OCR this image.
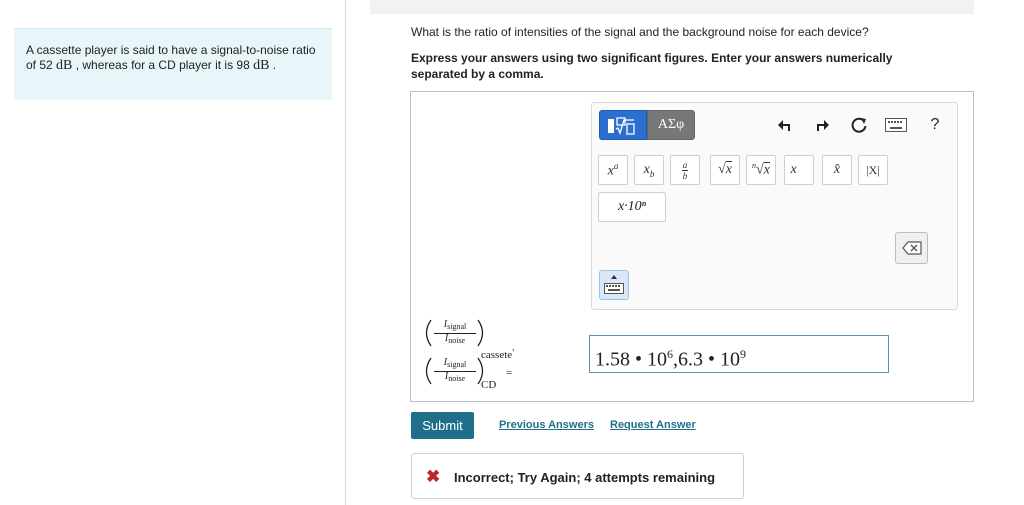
A cassette player is said to have a signal-to-noise ratio of 52 dB , whereas for a CD player it is 98 dB .
What is the ratio of intensities of the signal and the background noise for each device?
Express your answers using two significant figures. Enter your answers numerically separated by a comma.
ΑΣφ	?
$x^a$ $x_b$
a
b √x	$^n$√x x⃗ x̂ |X|
x·10ⁿ
$I_{signal}$
$I_{noise}$
cassete,
$I_{signal}$
$I_{noise}$
CD
=
1.58 • $10^6,6.3$ • $10^9$
Submit	Previous Answers Request Answer
✖ Incorrect; Try Again; 4 attempts remaining
